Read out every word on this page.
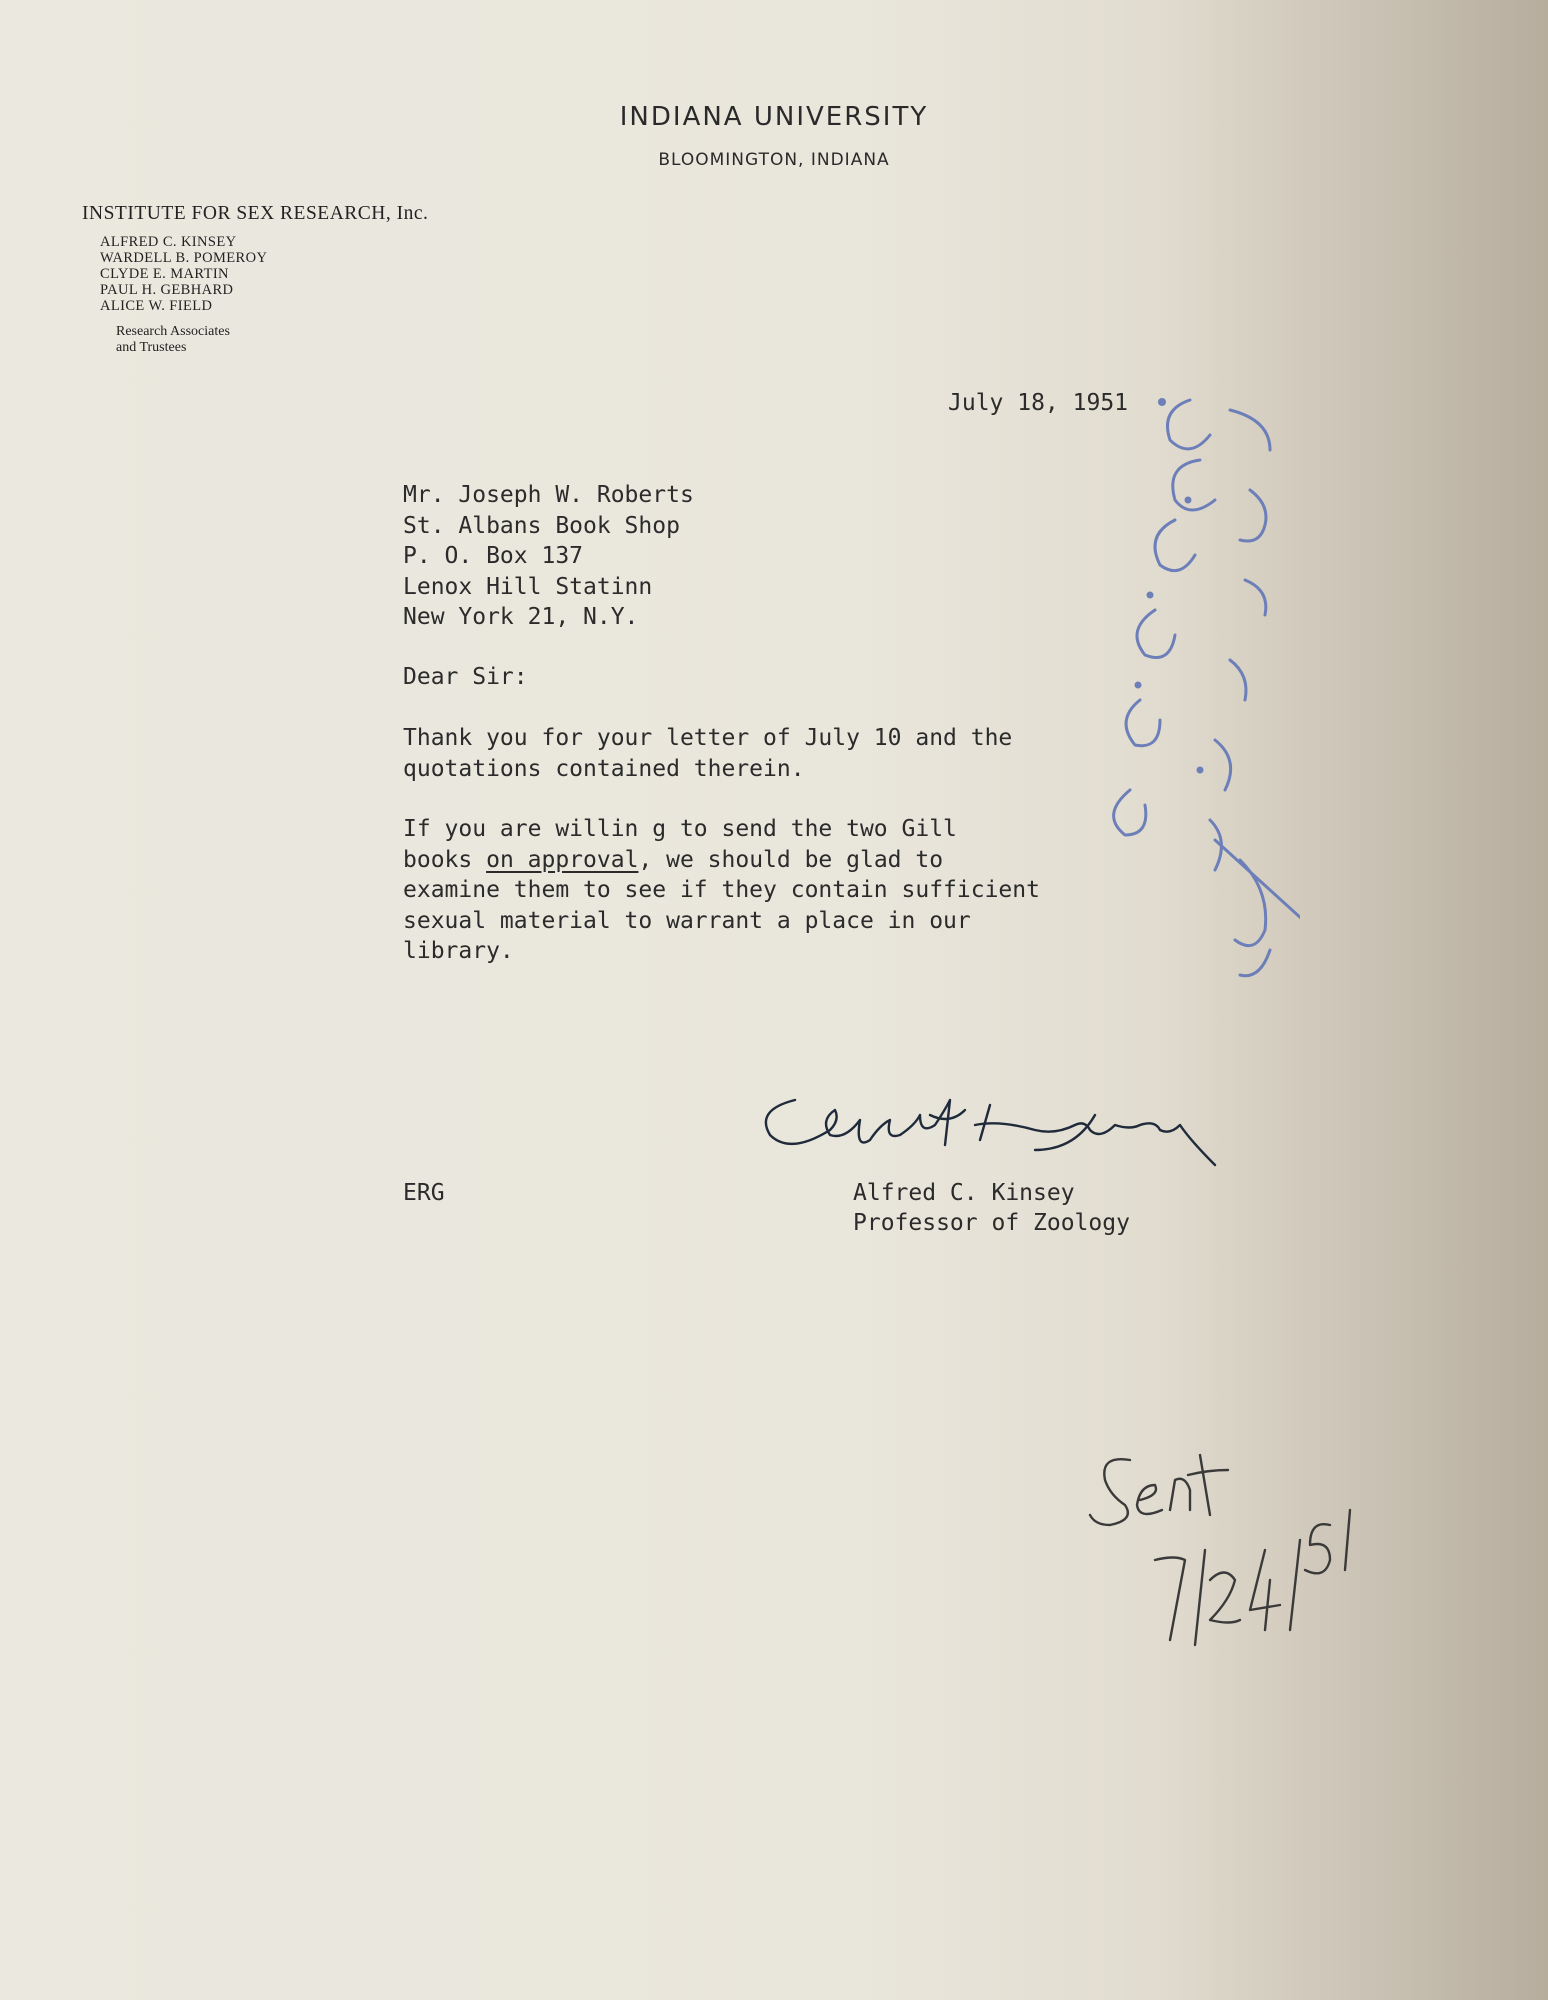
INDIANA UNIVERSITY
BLOOMINGTON, INDIANA
INSTITUTE FOR SEX RESEARCH, Inc.
ALFRED C. KINSEY
WARDELL B. POMEROY
CLYDE E. MARTIN
PAUL H. GEBHARD
ALICE W. FIELD
Research Associates
and Trustees
July 18, 1951
Mr. Joseph W. Roberts
St. Albans Book Shop
P. O. Box 137
Lenox Hill Statinn
New York 21, N.Y.
Dear Sir:

Thank you for your letter of July 10 and the
quotations contained therein.

If you are willin g to send the two Gill
books on approval, we should be glad to
examine them to see if they contain sufficient
sexual material to warrant a place in our
library.

ERG	Alfred C. Kinsey
Professor of Zoology
